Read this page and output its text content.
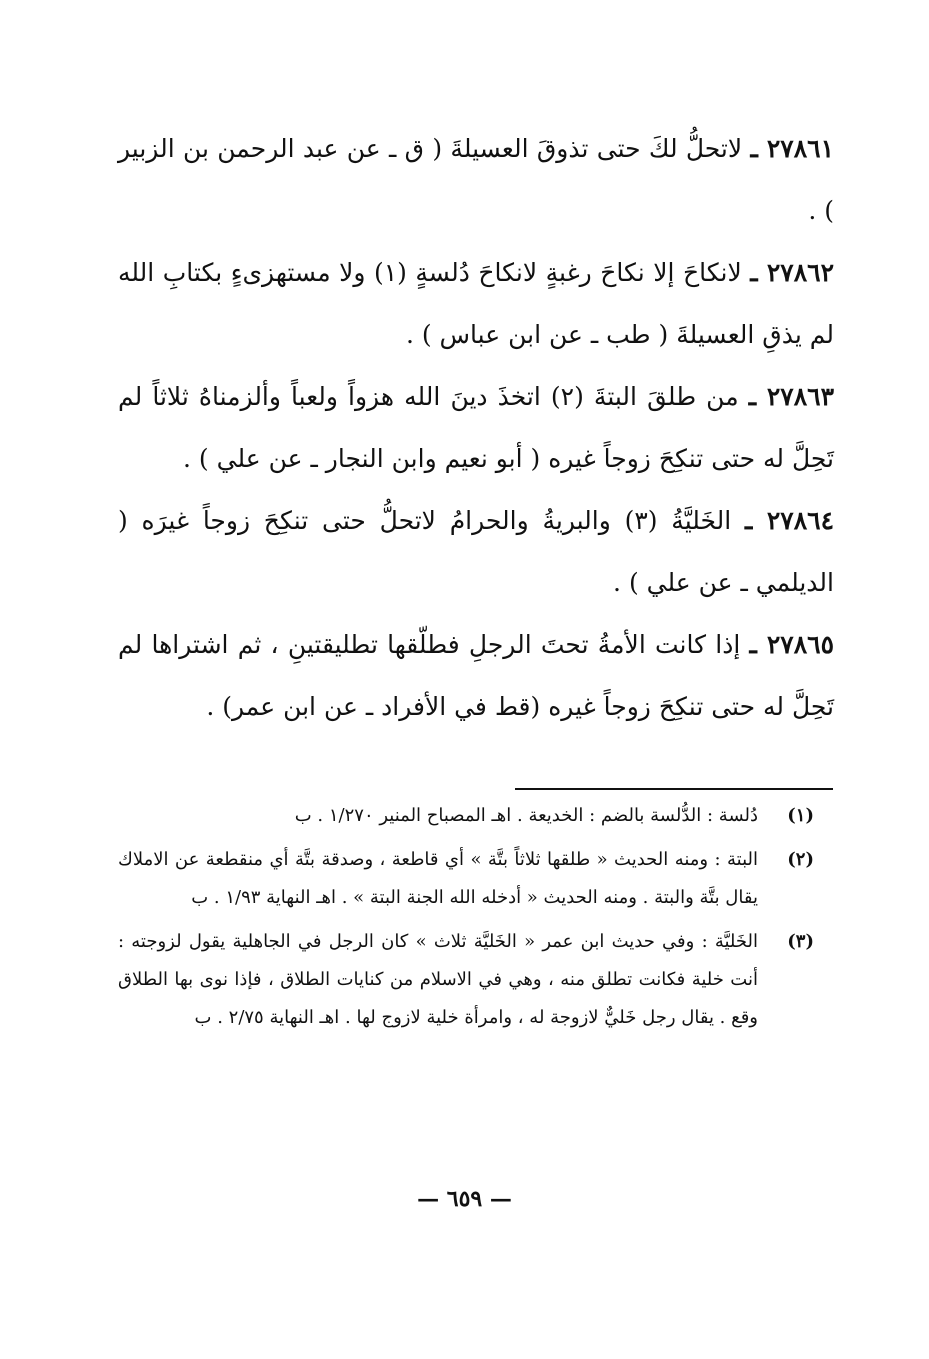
٢٧٨٦١ ـ لاتحلُّ لكَ حتى تذوقَ العسيلةَ ( ق ـ عن عبد الرحمن بن الزبير ) .

٢٧٨٦٢ ـ لانكاحَ إلا نكاحَ رغبةٍ لانكاحَ دُلسةٍ (١) ولا مستهزىءٍ بكتابِ الله لم يذقِ العسيلةَ ( طب ـ عن ابن عباس ) .

٢٧٨٦٣ ـ من طلقَ البتةَ (٢) اتخذَ دينَ الله هزواً ولعباً وألزمناهُ ثلاثاً لم تَحِلَّ له حتى تنكِحَ زوجاً غيره ( أبو نعيم وابن النجار ـ عن علي ) .

٢٧٨٦٤ ـ الخَليَّةُ (٣) والبريةُ والحرامُ لاتحلُّ حتى تنكِحَ زوجاً غيرَه ( الديلمي ـ عن علي ) .

٢٧٨٦٥ ـ إذا كانت الأمةُ تحتَ الرجلِ فطلّقها تطليقتينِ ، ثم اشتراها لم تَحِلَّ له حتى تنكِحَ زوجاً غيره (قط في الأفراد ـ عن ابن عمر) .

(١)
دُلسة : الدُّلسة بالضم : الخديعة . اهـ المصباح المنير ١/٢٧٠ . ب

(٢)
البتة : ومنه الحديث « طلقها ثلاثاً بتَّة » أي قاطعة ، وصدقة بتَّة أي منقطعة عن الاملاك يقال بتَّة والبتة . ومنه الحديث « أدخله الله الجنة البتة » . اهـ النهاية ١/٩٣ . ب

(٣)
الخَليَّة : وفي حديث ابن عمر « الخَليَّة ثلاث » كان الرجل في الجاهلية يقول لزوجته : أنت خلية فكانت تطلق منه ، وهي في الاسلام من كنايات الطلاق ، فإذا نوى بها الطلاق وقع . يقال رجل خَليٌّ لازوجة له ، وامرأة خلية لازوج لها . اهـ النهاية ٢/٧٥ . ب

— ٦٥٩ —
